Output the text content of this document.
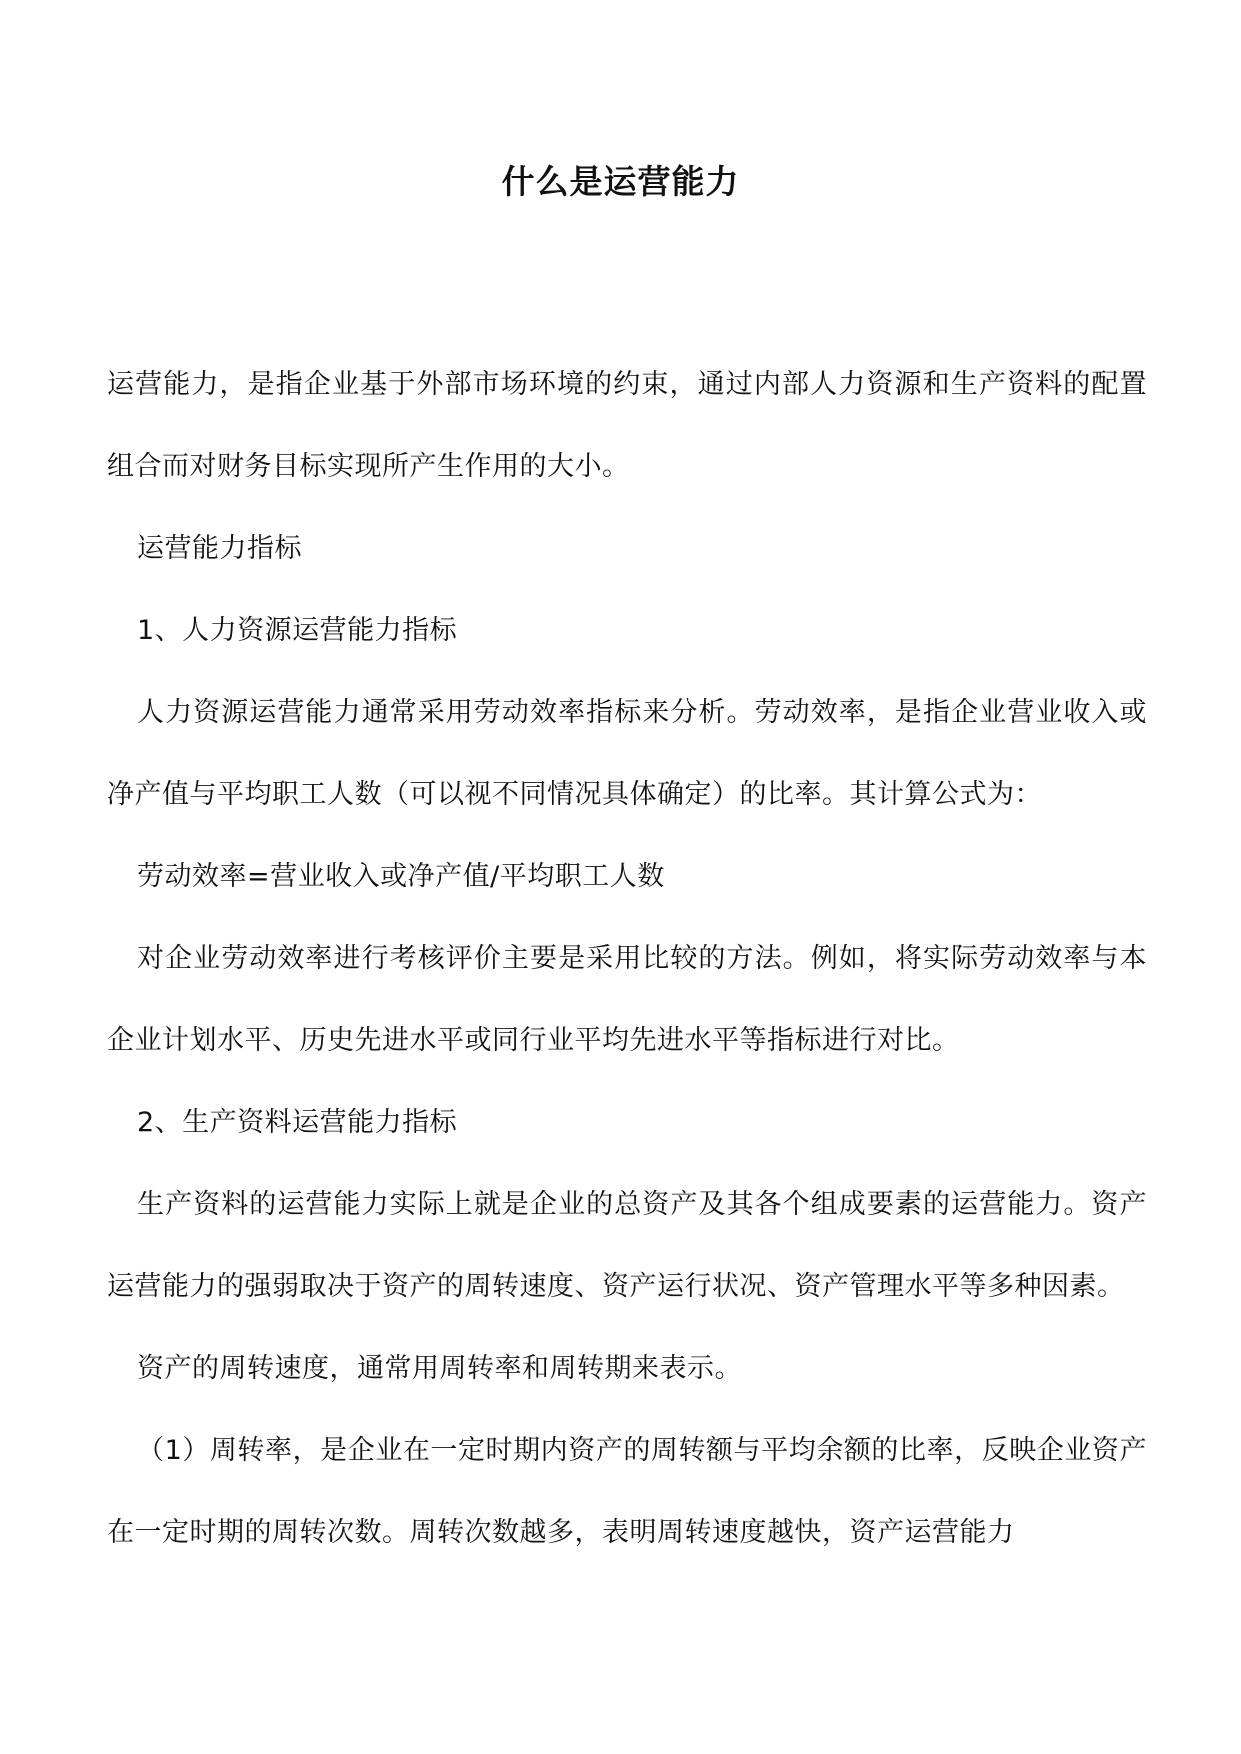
什么是运营能力

运营能力，是指企业基于外部市场环境的约束，通过内部人力资源和生产资料的配置组合而对财务目标实现所产生作用的大小。

运营能力指标

1、人力资源运营能力指标

人力资源运营能力通常采用劳动效率指标来分析。劳动效率，是指企业营业收入或净产值与平均职工人数（可以视不同情况具体确定）的比率。其计算公式为：

劳动效率=营业收入或净产值/平均职工人数

对企业劳动效率进行考核评价主要是采用比较的方法。例如，将实际劳动效率与本企业计划水平、历史先进水平或同行业平均先进水平等指标进行对比。

2、生产资料运营能力指标

生产资料的运营能力实际上就是企业的总资产及其各个组成要素的运营能力。资产运营能力的强弱取决于资产的周转速度、资产运行状况、资产管理水平等多种因素。

资产的周转速度，通常用周转率和周转期来表示。

（1）周转率，是企业在一定时期内资产的周转额与平均余额的比率，反映企业资产在一定时期的周转次数。周转次数越多，表明周转速度越快，资产运营能力
